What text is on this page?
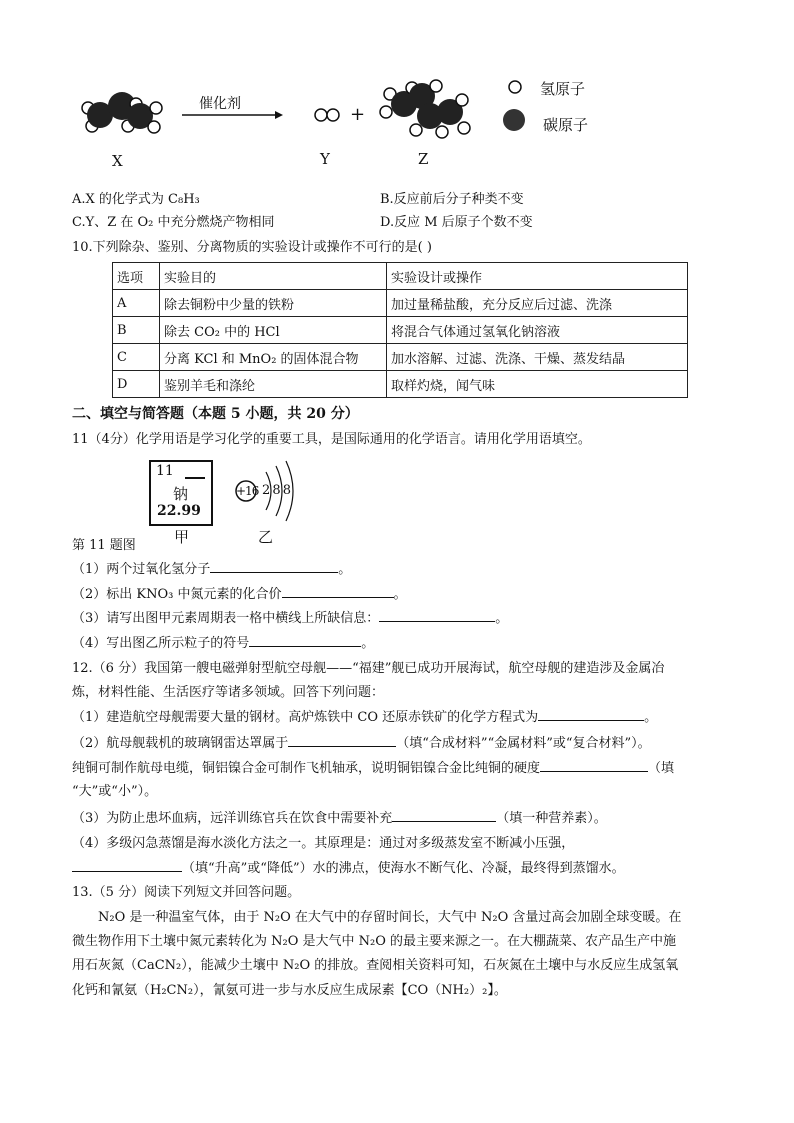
催化剂	+
X	Y	Z
氢原子
碳原子
A.X 的化学式为 C₈H₃	B.反应前后分子种类不变
C.Y、Z 在 O₂ 中充分燃烧产物相同	D.反应 M 后原子个数不变
10.下列除杂、鉴别、分离物质的实验设计或操作不可行的是( )
选项	实验目的	实验设计或操作
A	除去铜粉中少量的铁粉	加过量稀盐酸，充分反应后过滤、洗涤
B	除去 CO₂ 中的 HCl	将混合气体通过氢氧化钠溶液
C	分离 KCl 和 MnO₂ 的固体混合物	加水溶解、过滤、洗涤、干燥、蒸发结晶
D	鉴别羊毛和涤纶	取样灼烧，闻气味
二、填空与简答题（本题 5 小题，共 20 分）
11（4分）化学用语是学习化学的重要工具，是国际通用的化学语言。请用化学用语填空。
11
钠
22.99
甲
+16 2 8 8
乙
第 11 题图
（1）两个过氧化氢分子	。
（2）标出 KNO₃ 中氮元素的化合价	。
（3）请写出图甲元素周期表一格中横线上所缺信息：	。
（4）写出图乙所示粒子的符号	。
12.（6 分）我国第一艘电磁弹射型航空母舰——“福建”舰已成功开展海试，航空母舰的建造涉及金属冶
炼，材料性能、生活医疗等诸多领域。回答下列问题：
（1）建造航空母舰需要大量的钢材。高炉炼铁中 CO 还原赤铁矿的化学方程式为	。
（2）航母舰载机的玻璃钢雷达罩属于	（填“合成材料”“金属材料”或“复合材料”）。
纯铜可制作航母电缆，铜铝镍合金可制作飞机轴承，说明铜铝镍合金比纯铜的硬度	（填
“大”或“小”）。
（3）为防止患坏血病，远洋训练官兵在饮食中需要补充	（填一种营养素）。
（4）多级闪急蒸馏是海水淡化方法之一。其原理是：通过对多级蒸发室不断减小压强，
（填“升高”或“降低”）水的沸点，使海水不断气化、冷凝，最终得到蒸馏水。
13.（5 分）阅读下列短文并回答问题。
N₂O 是一种温室气体，由于 N₂O 在大气中的存留时间长，大气中 N₂O 含量过高会加剧全球变暖。在
微生物作用下土壤中氮元素转化为 N₂O 是大气中 N₂O 的最主要来源之一。在大棚蔬菜、农产品生产中施
用石灰氮（CaCN₂），能减少土壤中 N₂O 的排放。查阅相关资料可知，石灰氮在土壤中与水反应生成氢氧
化钙和氰氨（H₂CN₂），氰氨可进一步与水反应生成尿素【CO（NH₂）₂】。
